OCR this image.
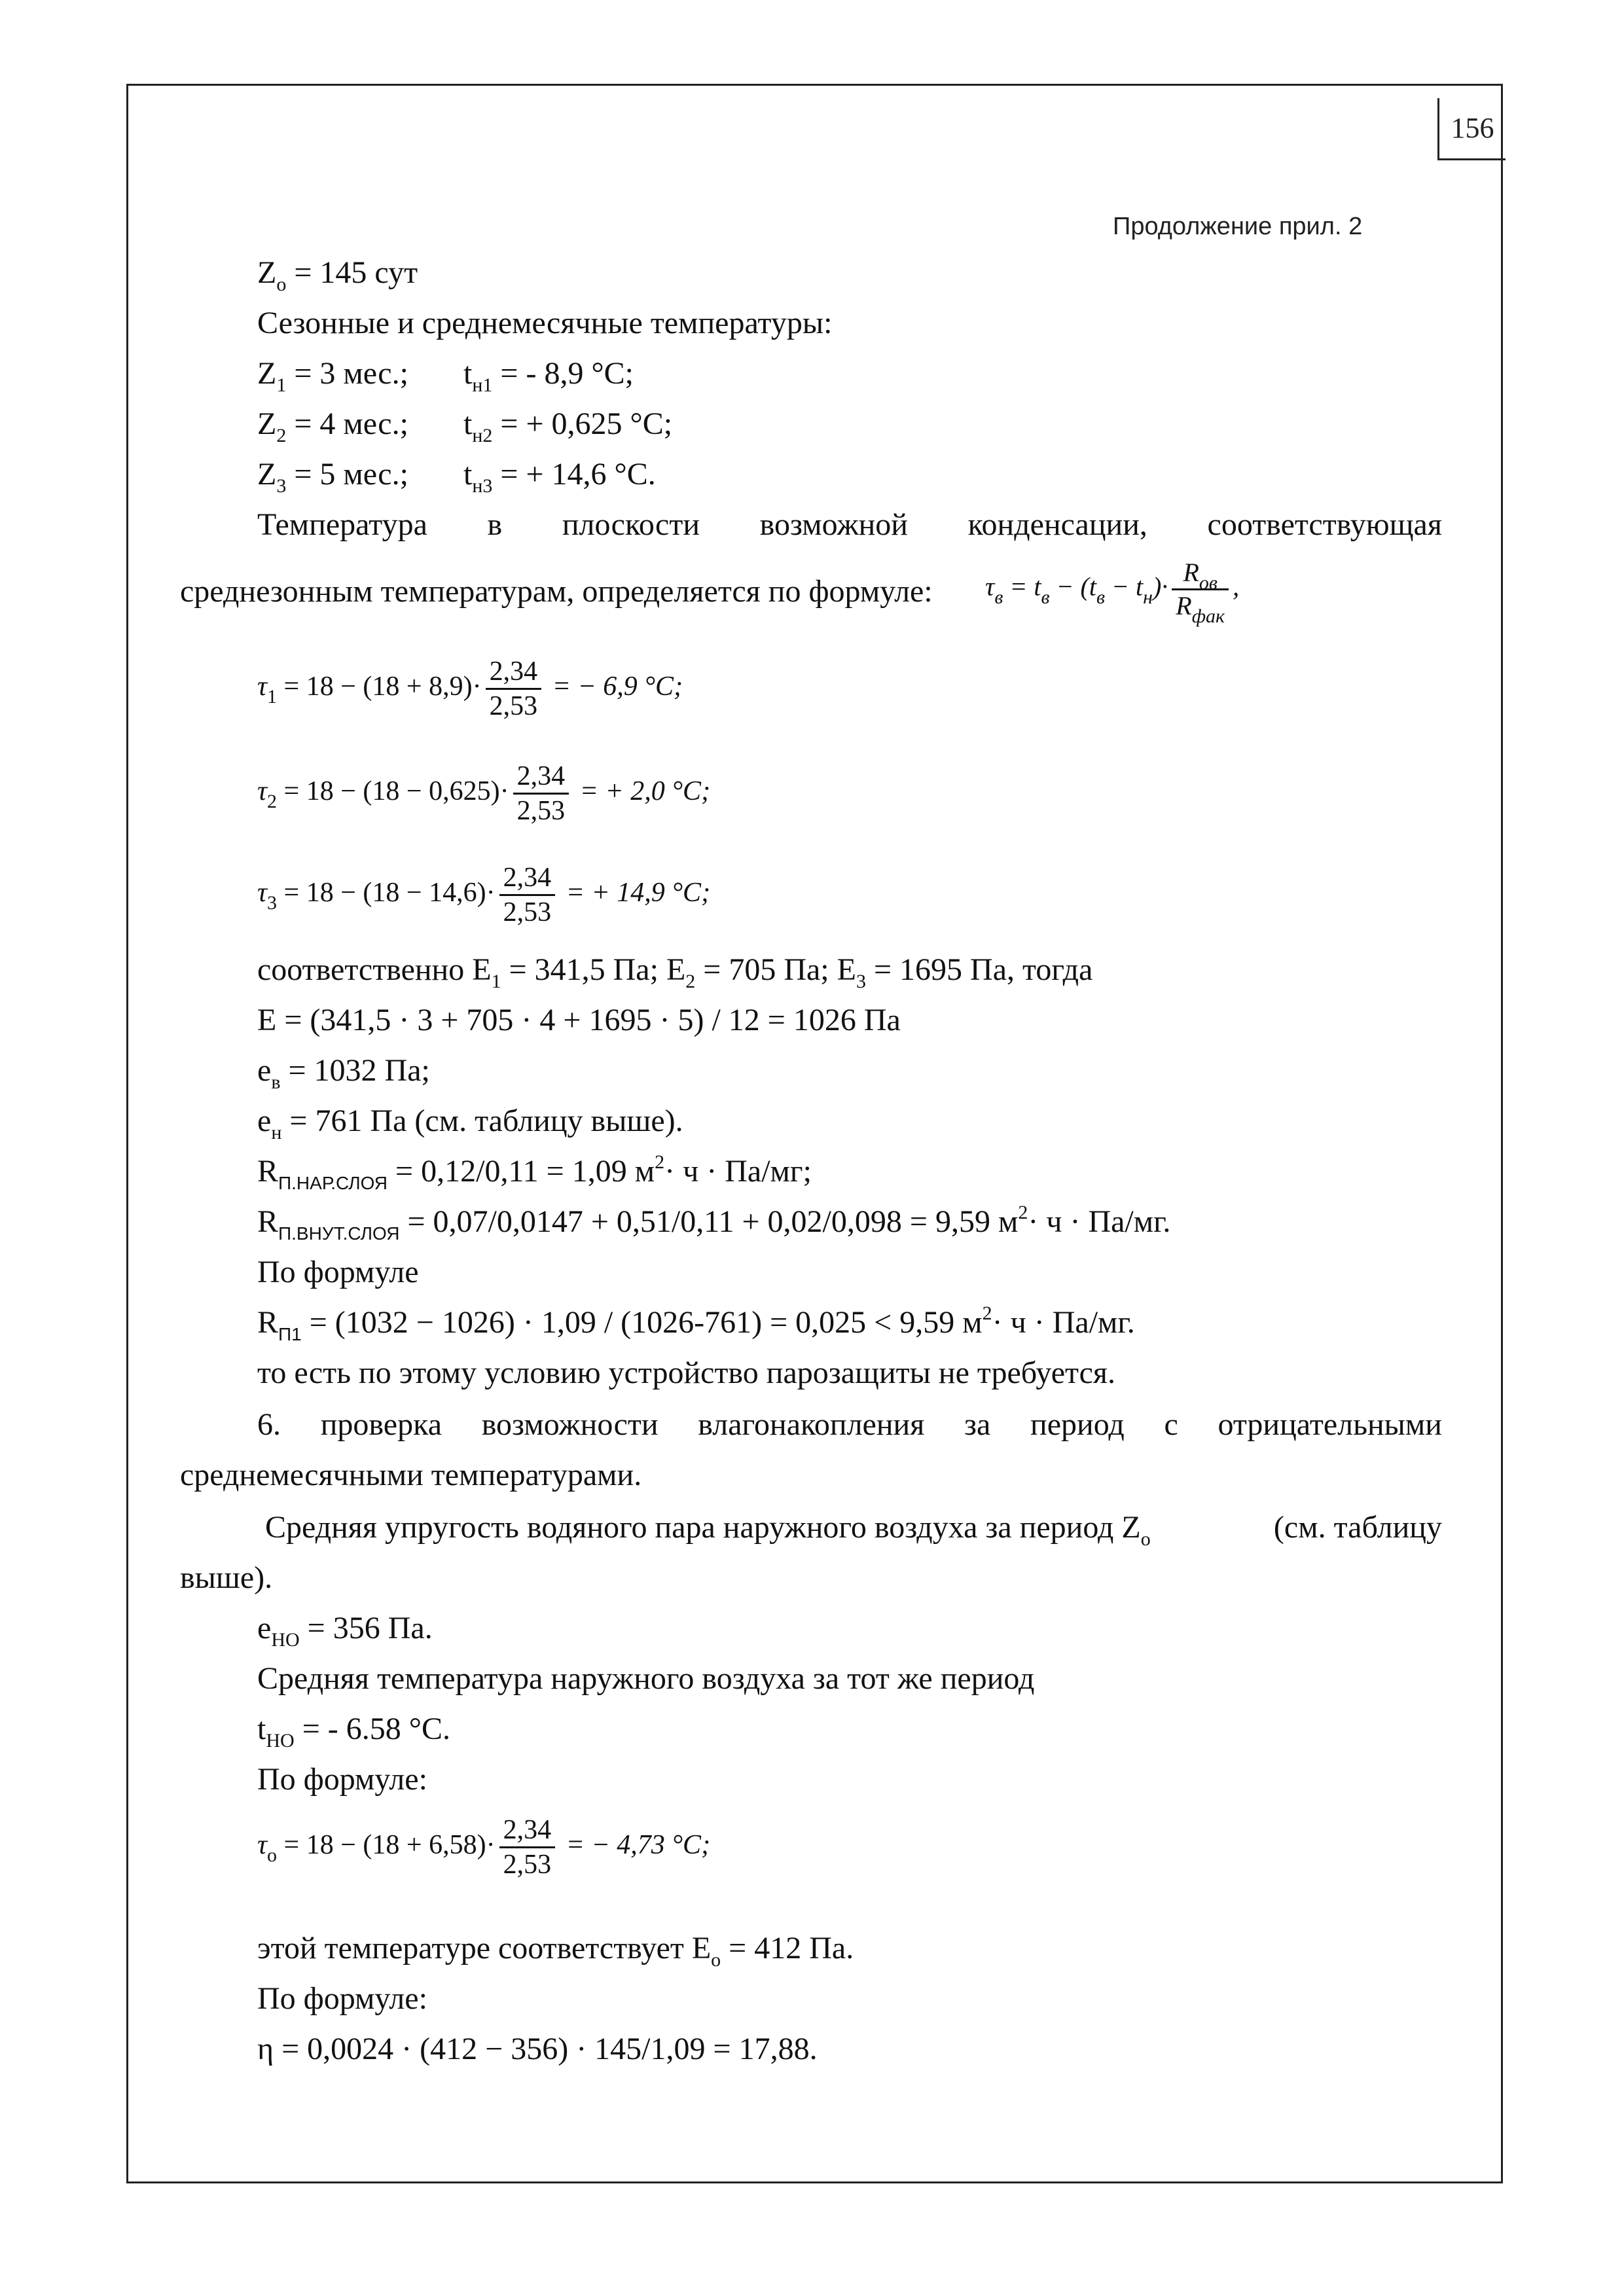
156
Продолжение прил. 2
$Z_o = 145$ сут
Сезонные и среднемесячные температуры:
$Z_1 = 3$ мес.; $t_{н1}$ = - 8,9 °С;
$Z_2 = 4$ мес.; $t_{н2}$ = + 0,625 °С;
$Z_3 = 5$ мес.; $t_{н3}$ = + 14,6 °С.
Температура в плоскости возможной конденсации, соответствующая
среднезонным температурам, определяется по формуле: $\tau_в = t_в - (t_в - t_н)\cdot \frac{R_{ов}}{R_{фак}}$ ,
$\tau_1 = 18 - (18 + 8,9)\cdot \frac{2,34}{2,53}$ = − 6,9 °С;
$\tau_2 = 18 - (18 - 0,625)\cdot \frac{2,34}{2,53}$ = + 2,0 °С;
$\tau_3 = 18 - (18 - 14,6)\cdot \frac{2,34}{2,53}$ = + 14,9 °С;
соответственно $E_1 = 341,5$ Па; $E_2 = 705$ Па; $E_3 = 1695$ Па, тогда
E = (341,5 · 3 + 705 · 4 + 1695 · 5) / 12 = 1026 Па
$e_в = 1032$ Па;
$e_н = 761$ Па (см. таблицу выше).
$R_{П.НАР.СЛОЯ} = 0,12/0,11 = 1,09$ $м^2\cdot ч \cdot Па/мг$;
$R_{П.ВНУТ.СЛОЯ} = 0,07/0,0147 + 0,51/0,11 + 0,02/0,098 = 9,59$ $м^2\cdot ч \cdot Па/мг$.
По формуле
$R_{П1} = (1032 - 1026) \cdot 1,09 / (1026-761) = 0,025 < 9,59$ $м^2\cdot ч \cdot Па/мг$.
то есть по этому условию устройство парозащиты не требуется.
6. проверка возможности влагонакопления за период с отрицательными
среднемесячными температурами.
Средняя упругость водяного пара наружного воздуха за период $Z_o$	(см. таблицу
выше).
$e_{НО} = 356$ Па.
Средняя температура наружного воздуха за тот же период
$t_{НО}$ = - 6.58 °С.
По формуле:
$\tau_o = 18 - (18 + 6,58)\cdot \frac{2,34}{2,53}$ = − 4,73 °С;
этой температуре соответствует $E_o = 412$ Па.
По формуле:
η = 0,0024 · (412 − 356) · 145/1,09 = 17,88.
